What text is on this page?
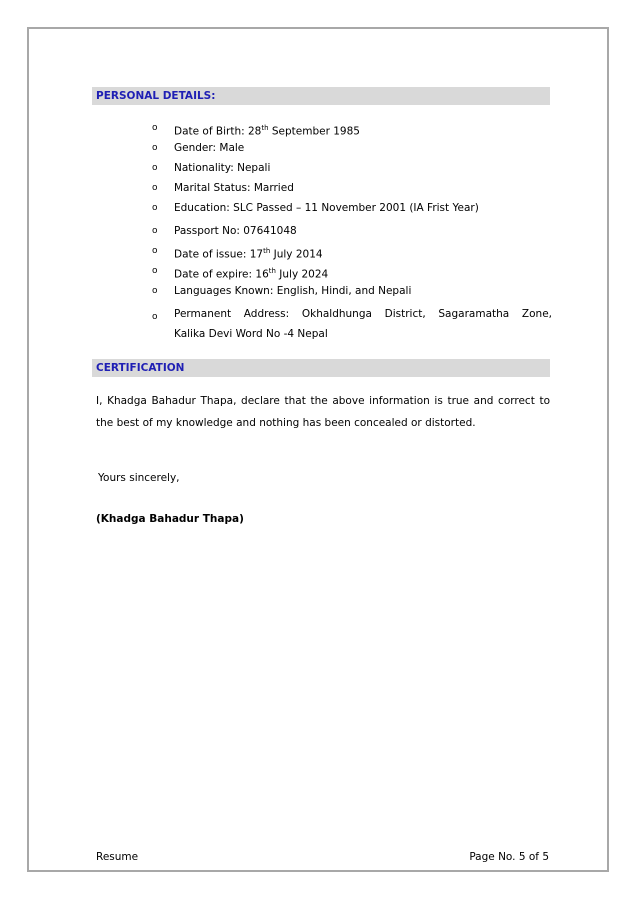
PERSONAL DETAILS:
o Date of Birth: 28th September 1985
o Gender: Male
o Nationality: Nepali
o Marital Status: Married
o Education: SLC Passed – 11 November 2001 (IA Frist Year)
o Passport No: 07641048
o Date of issue: 17th July 2014
o Date of expire: 16th July 2024
o Languages Known: English, Hindi, and Nepali
o Permanent Address: Okhaldhunga District, Sagaramatha Zone,
Kalika Devi Word No -4 Nepal
CERTIFICATION
I, Khadga Bahadur Thapa, declare that the above information is true and correct to the best of my knowledge and nothing has been concealed or distorted.
Yours sincerely,
(Khadga Bahadur Thapa)
Resume	Page No. 5 of 5
